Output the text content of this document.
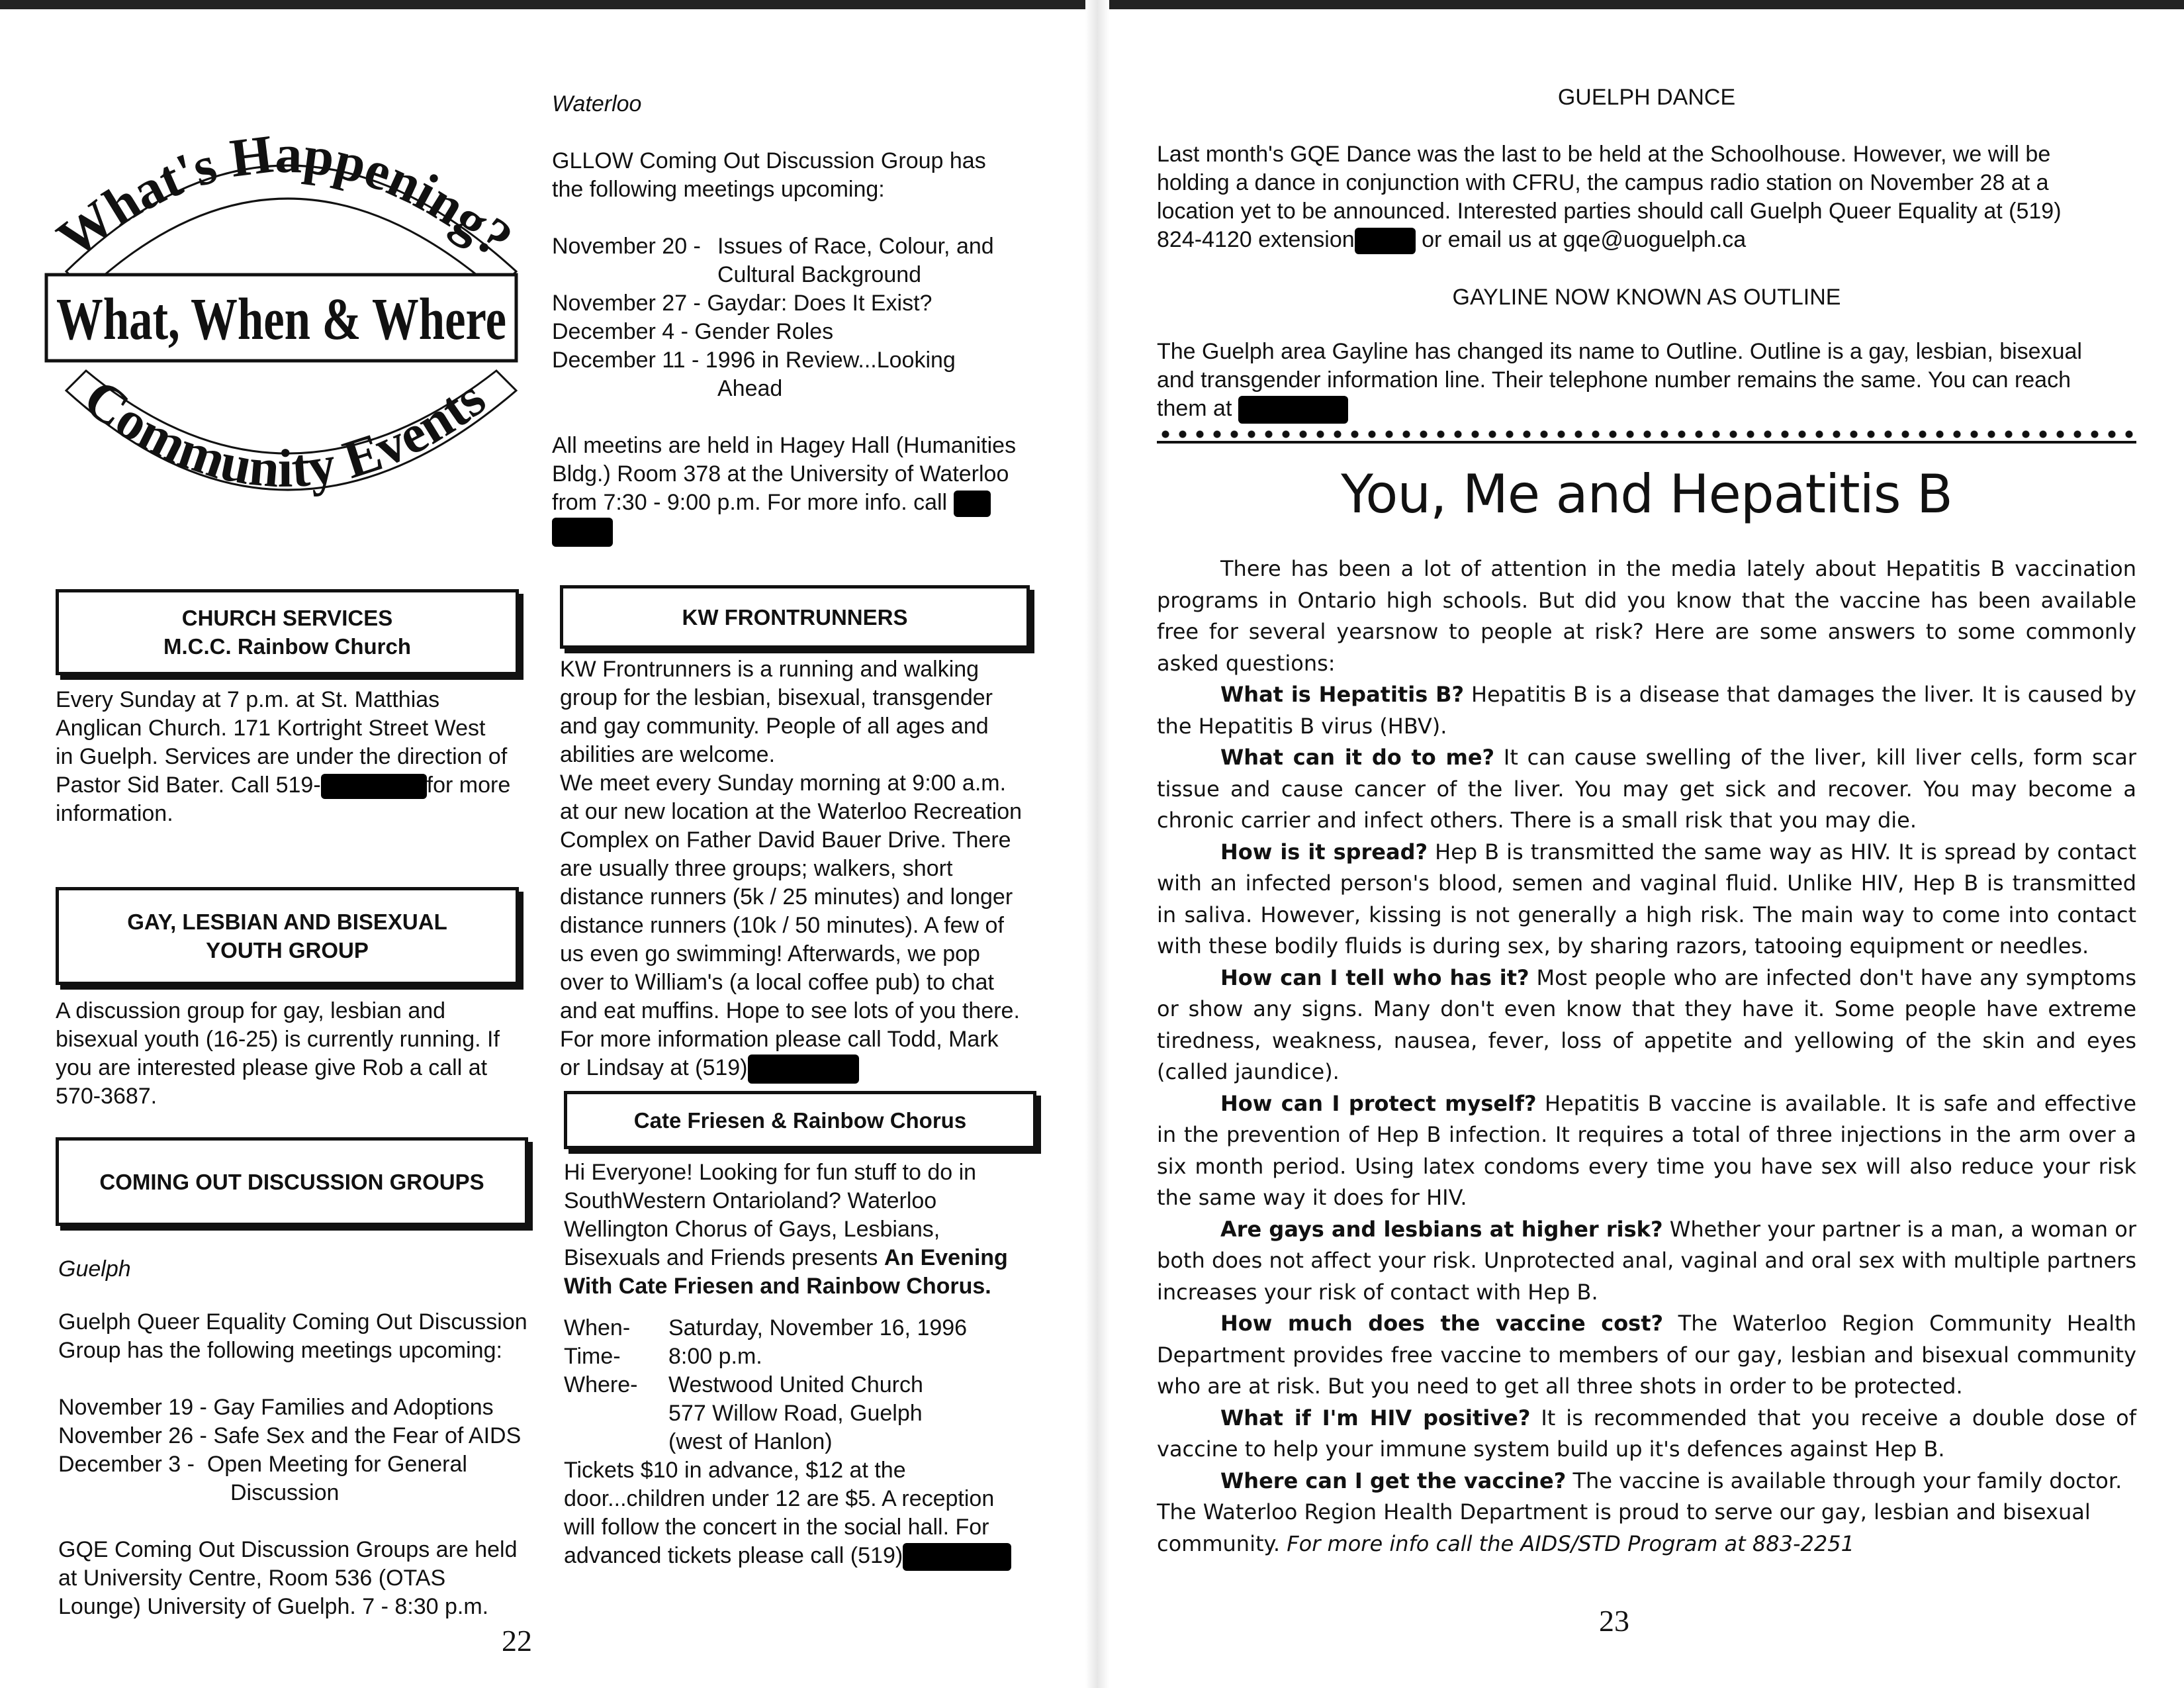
What's Happening?
What, When & Where
Community Events
CHURCH SERVICES
M.C.C. Rainbow Church
Every Sunday at 7 p.m. at St. Matthias
Anglican Church. 171 Kortright Street West
in Guelph. Services are under the direction of
Pastor Sid Bater. Call 519-	for more
information.
GAY, LESBIAN AND BISEXUAL
YOUTH GROUP
A discussion group for gay, lesbian and
bisexual youth (16-25) is currently running. If
you are interested please give Rob a call at
570-3687.
COMING OUT DISCUSSION GROUPS
Guelph
Guelph Queer Equality Coming Out Discussion
Group has the following meetings upcoming:
November 19 - Gay Families and Adoptions
November 26 - Safe Sex and the Fear of AIDS
December 3 - Open Meeting for General
Discussion
GQE Coming Out Discussion Groups are held
at University Centre, Room 536 (OTAS
Lounge) University of Guelph. 7 - 8:30 p.m.
22
Waterloo
GLLOW Coming Out Discussion Group has
the following meetings upcoming:
November 20 - Issues of Race, Colour, and
Cultural Background
November 27 - Gaydar: Does It Exist?
December 4 - Gender Roles
December 11 - 1996 in Review...Looking
Ahead
All meetins are held in Hagey Hall (Humanities
Bldg.) Room 378 at the University of Waterloo
from 7:30 - 9:00 p.m. For more info. call
KW FRONTRUNNERS
KW Frontrunners is a running and walking
group for the lesbian, bisexual, transgender
and gay community. People of all ages and
abilities are welcome.
We meet every Sunday morning at 9:00 a.m.
at our new location at the Waterloo Recreation
Complex on Father David Bauer Drive. There
are usually three groups; walkers, short
distance runners (5k / 25 minutes) and longer
distance runners (10k / 50 minutes). A few of
us even go swimming! Afterwards, we pop
over to William's (a local coffee pub) to chat
and eat muffins. Hope to see lots of you there.
For more information please call Todd, Mark
or Lindsay at (519)
Cate Friesen & Rainbow Chorus
Hi Everyone! Looking for fun stuff to do in
SouthWestern Ontarioland? Waterloo
Wellington Chorus of Gays, Lesbians,
Bisexuals and Friends presents An Evening
With Cate Friesen and Rainbow Chorus.
When-	Saturday, November 16, 1996
Time-	8:00 p.m.
Where-	Westwood United Church
577 Willow Road, Guelph
(west of Hanlon)
Tickets $10 in advance, $12 at the
door...children under 12 are $5. A reception
will follow the concert in the social hall. For
advanced tickets please call (519)
GUELPH DANCE
Last month's GQE Dance was the last to be held at the Schoolhouse. However, we will be
holding a dance in conjunction with CFRU, the campus radio station on November 28 at a
location yet to be announced. Interested parties should call Guelph Queer Equality at (519)
824-4120 extension	or email us at gqe@uoguelph.ca
GAYLINE NOW KNOWN AS OUTLINE
The Guelph area Gayline has changed its name to Outline. Outline is a gay, lesbian, bisexual
and transgender information line. Their telephone number remains the same. You can reach
them at
You, Me and Hepatitis B

There has been a lot of attention in the media lately about Hepatitis B vaccination programs in Ontario high schools. But did you know that the vaccine has been available free for several yearsnow to people at risk? Here are some answers to some commonly asked questions:

What is Hepatitis B? Hepatitis B is a disease that damages the liver. It is caused by the Hepatitis B virus (HBV).

What can it do to me? It can cause swelling of the liver, kill liver cells, form scar tissue and cause cancer of the liver. You may get sick and recover. You may become a chronic carrier and infect others. There is a small risk that you may die.

How is it spread? Hep B is transmitted the same way as HIV. It is spread by contact with an infected person's blood, semen and vaginal fluid. Unlike HIV, Hep B is transmitted in saliva. However, kissing is not generally a high risk. The main way to come into contact with these bodily fluids is during sex, by sharing razors, tatooing equipment or needles.

How can I tell who has it? Most people who are infected don't have any symptoms or show any signs. Many don't even know that they have it. Some people have extreme tiredness, weakness, nausea, fever, loss of appetite and yellowing of the skin and eyes (called jaundice).

How can I protect myself? Hepatitis B vaccine is available. It is safe and effective in the prevention of Hep B infection. It requires a total of three injections in the arm over a six month period. Using latex condoms every time you have sex will also reduce your risk the same way it does for HIV.

Are gays and lesbians at higher risk? Whether your partner is a man, a woman or both does not affect your risk. Unprotected anal, vaginal and oral sex with multiple partners increases your risk of contact with Hep B.

How much does the vaccine cost? The Waterloo Region Community Health Department provides free vaccine to members of our gay, lesbian and bisexual community who are at risk. But you need to get all three shots in order to be protected.

What if I'm HIV positive? It is recommended that you receive a double dose of vaccine to help your immune system build up it's defences against Hep B.

Where can I get the vaccine? The vaccine is available through your family doctor. The Waterloo Region Health Department is proud to serve our gay, lesbian and bisexual community. For more info call the AIDS/STD Program at 883-2251

23
